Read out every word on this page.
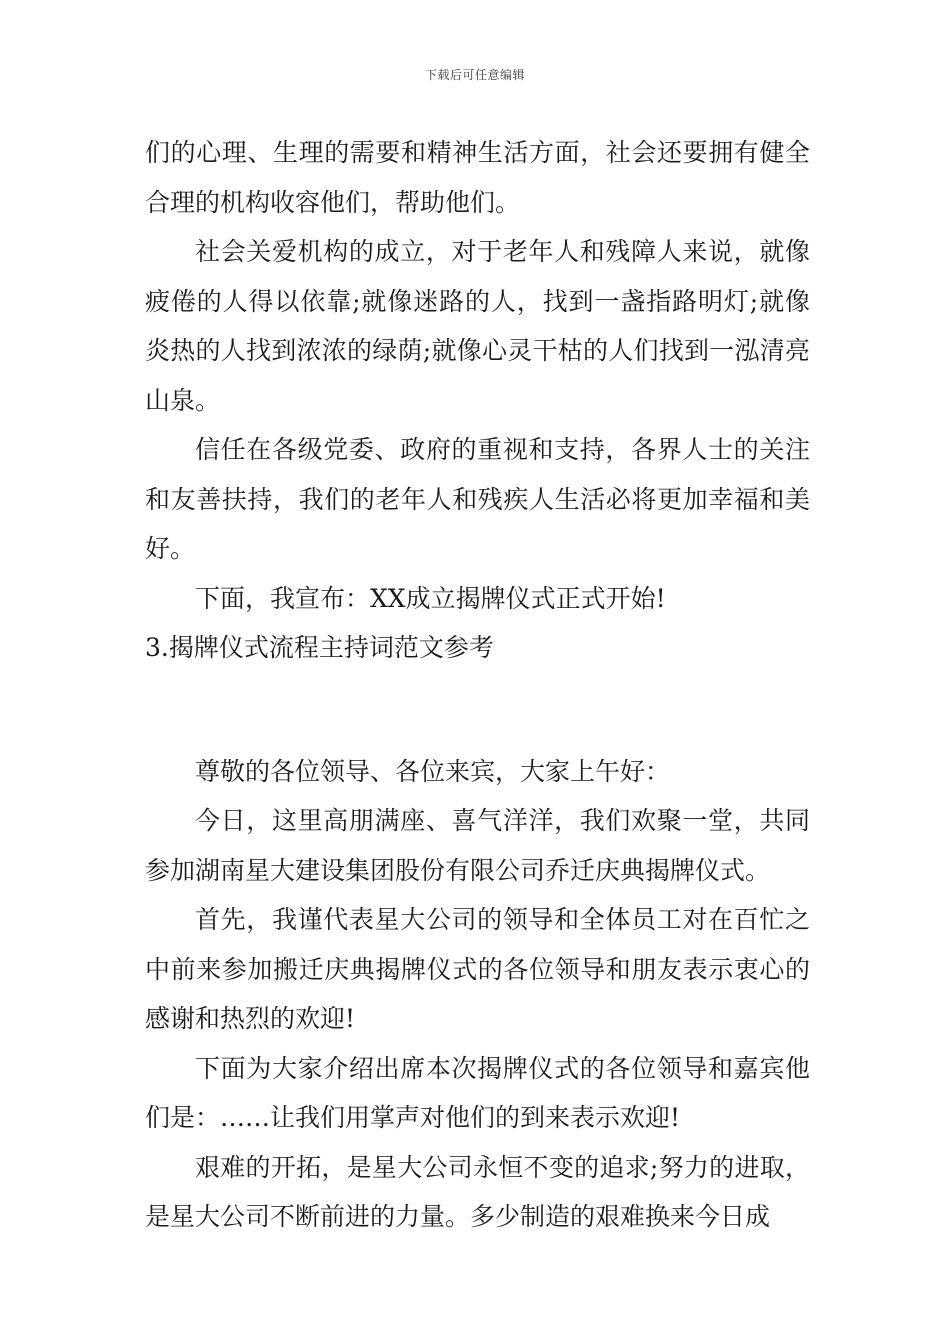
下载后可任意编辑

们的心理、生理的需要和精神生活方面，社会还要拥有健全合理的机构收容他们，帮助他们。

社会关爱机构的成立，对于老年人和残障人来说，就像疲倦的人得以依靠;就像迷路的人，找到一盏指路明灯;就像炎热的人找到浓浓的绿荫;就像心灵干枯的人们找到一泓清亮山泉。

信任在各级党委、政府的重视和支持，各界人士的关注和友善扶持，我们的老年人和残疾人生活必将更加幸福和美好。

下面，我宣布：XX成立揭牌仪式正式开始!

3.揭牌仪式流程主持词范文参考

尊敬的各位领导、各位来宾，大家上午好：

今日，这里高朋满座、喜气洋洋，我们欢聚一堂，共同参加湖南星大建设集团股份有限公司乔迁庆典揭牌仪式。

首先，我谨代表星大公司的领导和全体员工对在百忙之中前来参加搬迁庆典揭牌仪式的各位领导和朋友表示衷心的感谢和热烈的欢迎!

下面为大家介绍出席本次揭牌仪式的各位领导和嘉宾他们是：……让我们用掌声对他们的到来表示欢迎!

艰难的开拓，是星大公司永恒不变的追求;努力的进取，是星大公司不断前进的力量。多少制造的艰难换来今日成
